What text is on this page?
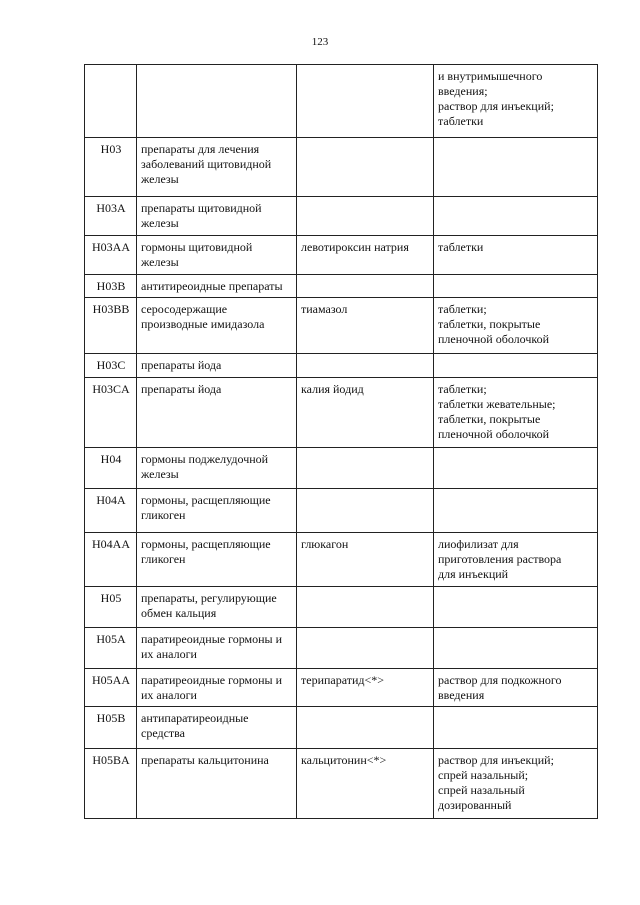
123

			и внутримышечного
введения;
раствор для инъекций;
таблетки

H03	препараты для лечения
заболеваний щитовидной
железы		

H03A	препараты щитовидной
железы		

H03AA	гормоны щитовидной
железы	левотироксин натрия	таблетки

H03B	антитиреоидные препараты		

H03BB	серосодержащие
производные имидазола	тиамазол	таблетки;
таблетки, покрытые
пленочной оболочкой

H03C	препараты йода		

H03CA	препараты йода	калия йодид	таблетки;
таблетки жевательные;
таблетки, покрытые
пленочной оболочкой

H04	гормоны поджелудочной
железы		

H04A	гормоны, расщепляющие
гликоген		

H04AA	гормоны, расщепляющие
гликоген	глюкагон	лиофилизат для
приготовления раствора
для инъекций

H05	препараты, регулирующие
обмен кальция		

H05A	паратиреоидные гормоны и
их аналоги		

H05AA	паратиреоидные гормоны и
их аналоги	терипаратид<*>	раствор для подкожного
введения

H05B	антипаратиреоидные
средства		

H05BA	препараты кальцитонина	кальцитонин<*>	раствор для инъекций;
спрей назальный;
спрей назальный
дозированный
